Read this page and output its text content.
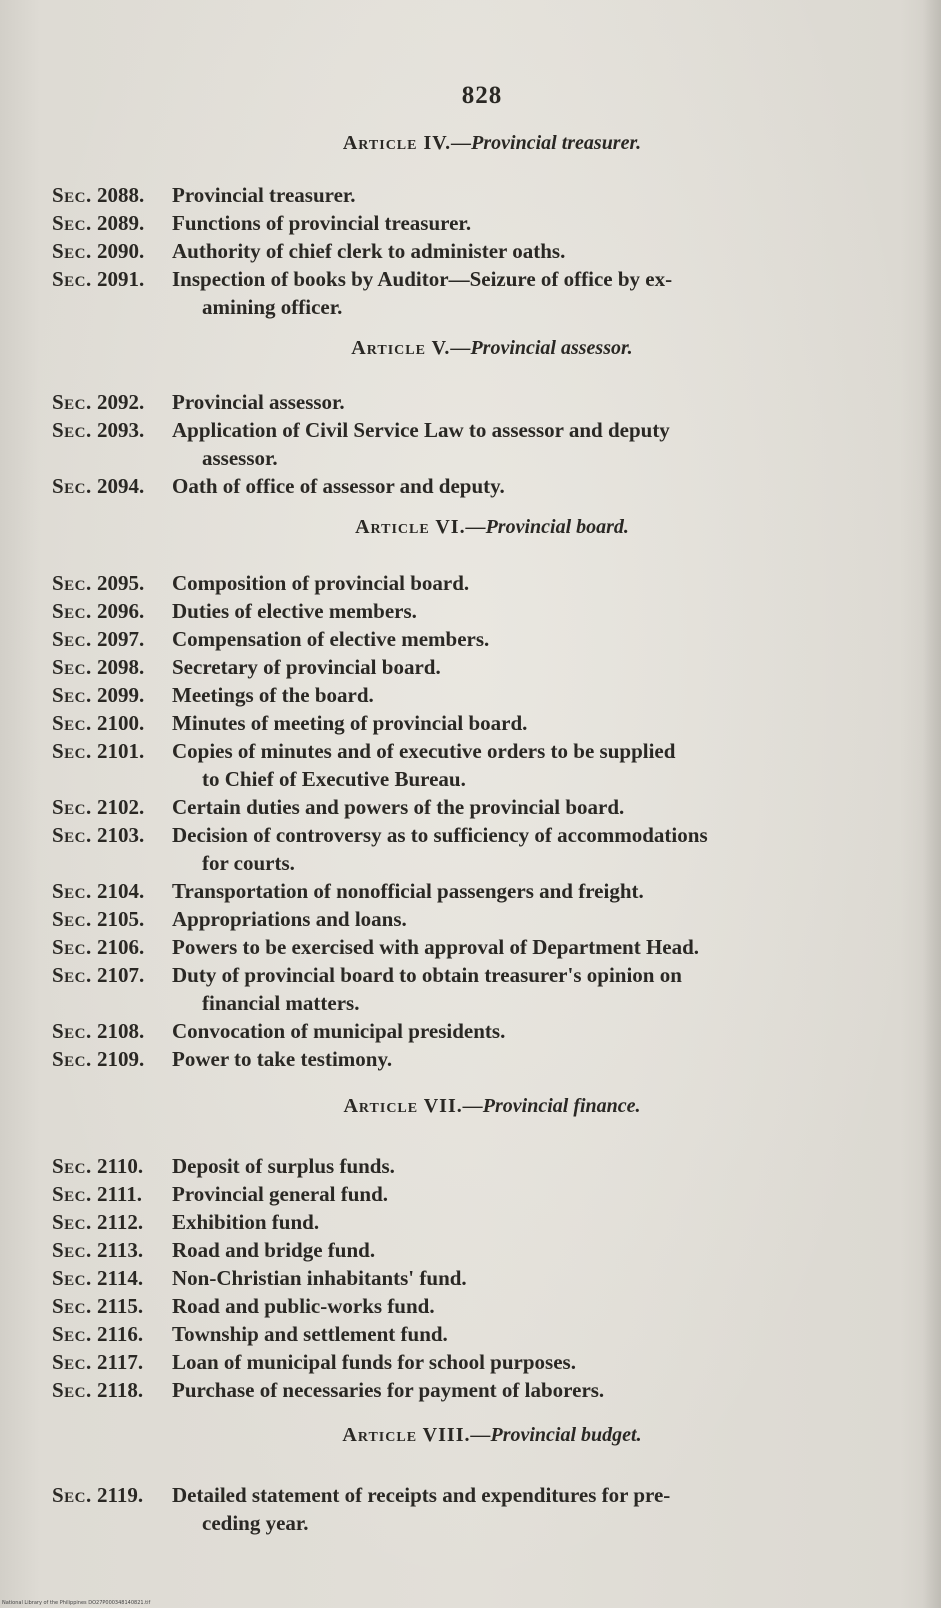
828
Article IV.—Provincial treasurer.
Sec. 2088.	Provincial treasurer.
Sec. 2089.	Functions of provincial treasurer.
Sec. 2090.	Authority of chief clerk to administer oaths.
Sec. 2091.	Inspection of books by Auditor—Seizure of office by ex-
amining officer.
Article V.—Provincial assessor.
Sec. 2092.	Provincial assessor.
Sec. 2093.	Application of Civil Service Law to assessor and deputy
assessor.
Sec. 2094.	Oath of office of assessor and deputy.
Article VI.—Provincial board.
Sec. 2095.	Composition of provincial board.
Sec. 2096.	Duties of elective members.
Sec. 2097.	Compensation of elective members.
Sec. 2098.	Secretary of provincial board.
Sec. 2099.	Meetings of the board.
Sec. 2100.	Minutes of meeting of provincial board.
Sec. 2101.	Copies of minutes and of executive orders to be supplied
to Chief of Executive Bureau.
Sec. 2102.	Certain duties and powers of the provincial board.
Sec. 2103.	Decision of controversy as to sufficiency of accommodations
for courts.
Sec. 2104.	Transportation of nonofficial passengers and freight.
Sec. 2105.	Appropriations and loans.
Sec. 2106.	Powers to be exercised with approval of Department Head.
Sec. 2107.	Duty of provincial board to obtain treasurer's opinion on
financial matters.
Sec. 2108.	Convocation of municipal presidents.
Sec. 2109.	Power to take testimony.
Article VII.—Provincial finance.
Sec. 2110.	Deposit of surplus funds.
Sec. 2111.	Provincial general fund.
Sec. 2112.	Exhibition fund.
Sec. 2113.	Road and bridge fund.
Sec. 2114.	Non-Christian inhabitants' fund.
Sec. 2115.	Road and public-works fund.
Sec. 2116.	Township and settlement fund.
Sec. 2117.	Loan of municipal funds for school purposes.
Sec. 2118.	Purchase of necessaries for payment of laborers.
Article VIII.—Provincial budget.
Sec. 2119.	Detailed statement of receipts and expenditures for pre-
ceding year.
National Library of the Philippines DO27P000348140821.tif
